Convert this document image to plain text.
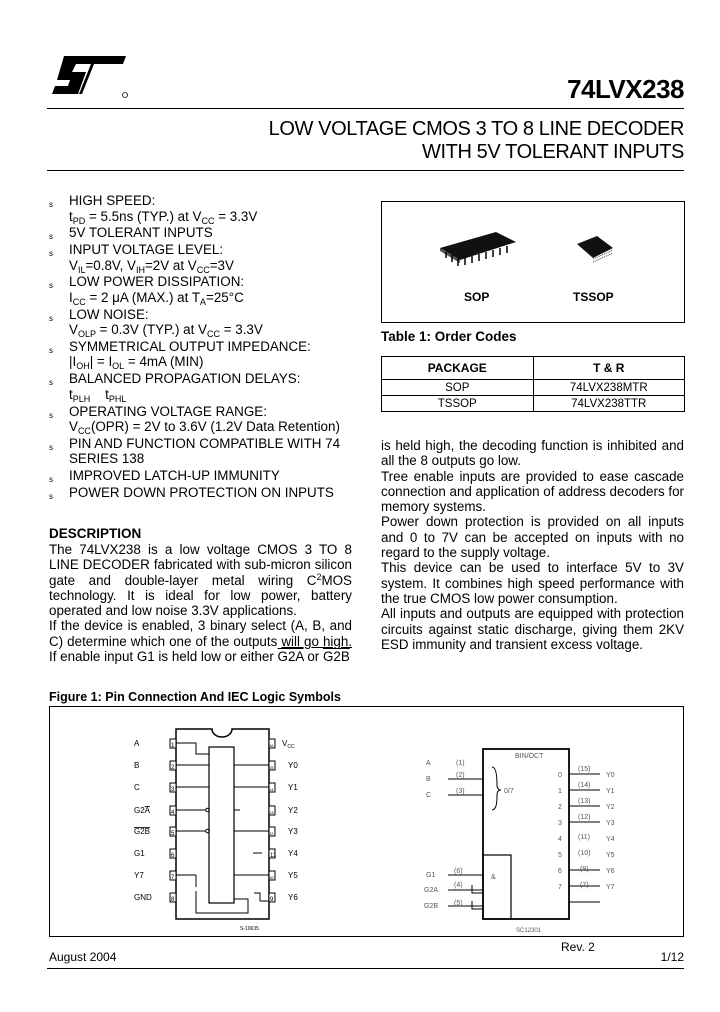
74LVX238
LOW VOLTAGE CMOS 3 TO 8 LINE DECODER
WITH 5V TOLERANT INPUTS
s HIGH SPEED:
$t_{PD} = 5.5ns$ (TYP.) at $V_{CC} = 3.3V$
s 5V TOLERANT INPUTS
s INPUT VOLTAGE LEVEL:
$V_{IL}=0.8V$, $V_{IH}=2V$ at $V_{CC}=3V$
s LOW POWER DISSIPATION:
$I_{CC} = 2$ μA (MAX.) at $T_A=25^\circ C$
s LOW NOISE:
$V_{OLP} = 0.3V$ (TYP.) at $V_{CC} = 3.3V$
s SYMMETRICAL OUTPUT IMPEDANCE:
$|I_{OH}| = I_{OL} = 4mA$ (MIN)
s BALANCED PROPAGATION DELAYS:
$t_{PLH}$    $t_{PHL}$
s OPERATING VOLTAGE RANGE:
$V_{CC}(OPR) = 2V$ to 3.6V (1.2V Data Retention)
s PIN AND FUNCTION COMPATIBLE WITH 74 SERIES 138
s IMPROVED LATCH-UP IMMUNITY
s POWER DOWN PROTECTION ON INPUTS
SOP	TSSOP
Table 1: Order Codes
PACKAGE	T & R
SOP	74LVX238MTR
TSSOP	74LVX238TTR
DESCRIPTION
The 74LVX238 is a low voltage CMOS 3 TO 8 LINE DECODER fabricated with sub-micron silicon gate and double-layer metal wiring $C^2MOS$ technology. It is ideal for low power, battery operated and low noise 3.3V applications.
If the device is enabled, 3 binary select (A, B, and C) determine which one of the outputs will go high. If enable input G1 is held low or either G2A or G2B
is held high, the decoding function is inhibited and all the 8 outputs go low.
Tree enable inputs are provided to ease cascade connection and application of address decoders for memory systems.
Power down protection is provided on all inputs and 0 to 7V can be accepted on inputs with no regard to the supply voltage.
This device can be used to interface 5V to 3V system. It combines high speed performance with the true CMOS low power consumption.
All inputs and outputs are equipped with protection circuits against static discharge, giving them 2KV ESD immunity and transient excess voltage.
Figure 1: Pin Connection And IEC Logic Symbols
A
B
C
G2A
G2B
G1
Y7
GND
$V_{CC}$
Y0
Y1
Y2
Y3
Y4
Y5
Y6
S-10635
1
2
3
4
5
6
7
8
16
15
14
13
12
11
10
9
BIN/OCT
0/7
&
A	(1)
B
(2)
C
(3)
G1
(6)
G2A
(4)
G2B (5)
0
1
2
3
4
5
6
7
(15)
Y0
(14)
Y1
(13)
Y2
(12)
Y3
(11) Y4
(10) Y5
(9) Y6
(7) Y7
SC12301
Rev. 2
August 2004	1/12
